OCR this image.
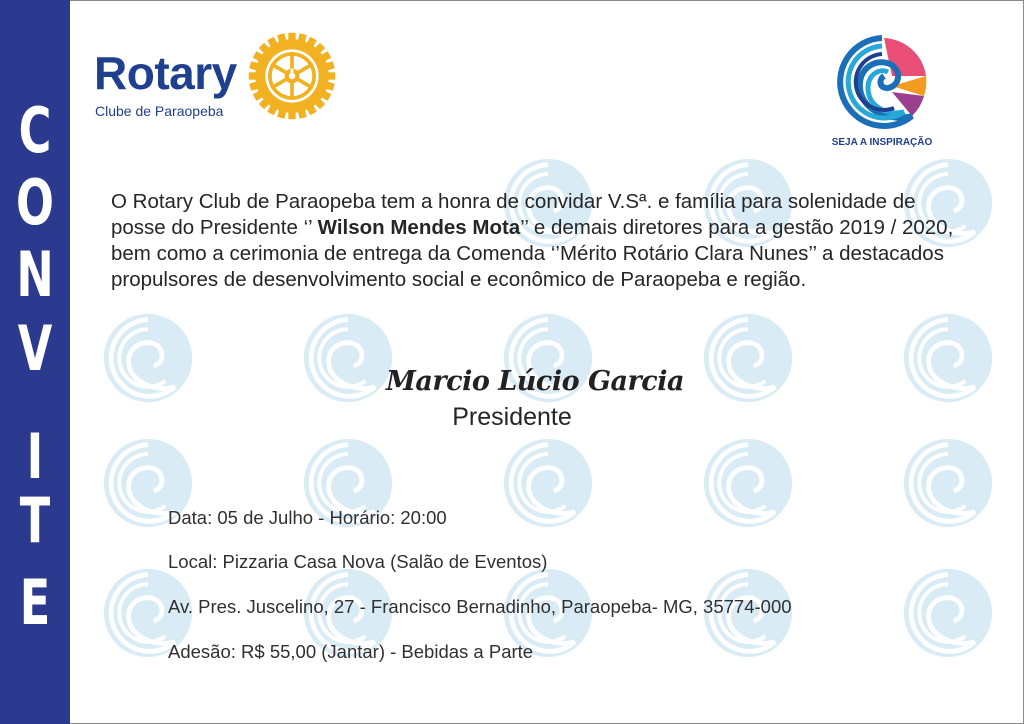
C
O
N
V
I
T
E
Rotary
Clube de Paraopeba
SEJA A INSPIRAÇÃO
O Rotary Club de Paraopeba tem a honra de convidar V.Sª. e família para solenidade de posse do Presidente ‘’ Wilson Mendes Mota’’ e demais diretores para a gestão 2019 / 2020, bem como a cerimonia de entrega da Comenda ‘’Mérito Rotário Clara Nunes’’ a destacados propulsores de desenvolvimento social e econômico de Paraopeba e região.
Marcio Lúcio Garcia
Presidente
Data: 05 de Julho - Horário: 20:00
Local: Pizzaria Casa Nova (Salão de Eventos)
Av. Pres. Juscelino, 27 - Francisco Bernadinho, Paraopeba- MG, 35774-000
Adesão: R$ 55,00 (Jantar) - Bebidas a Parte
